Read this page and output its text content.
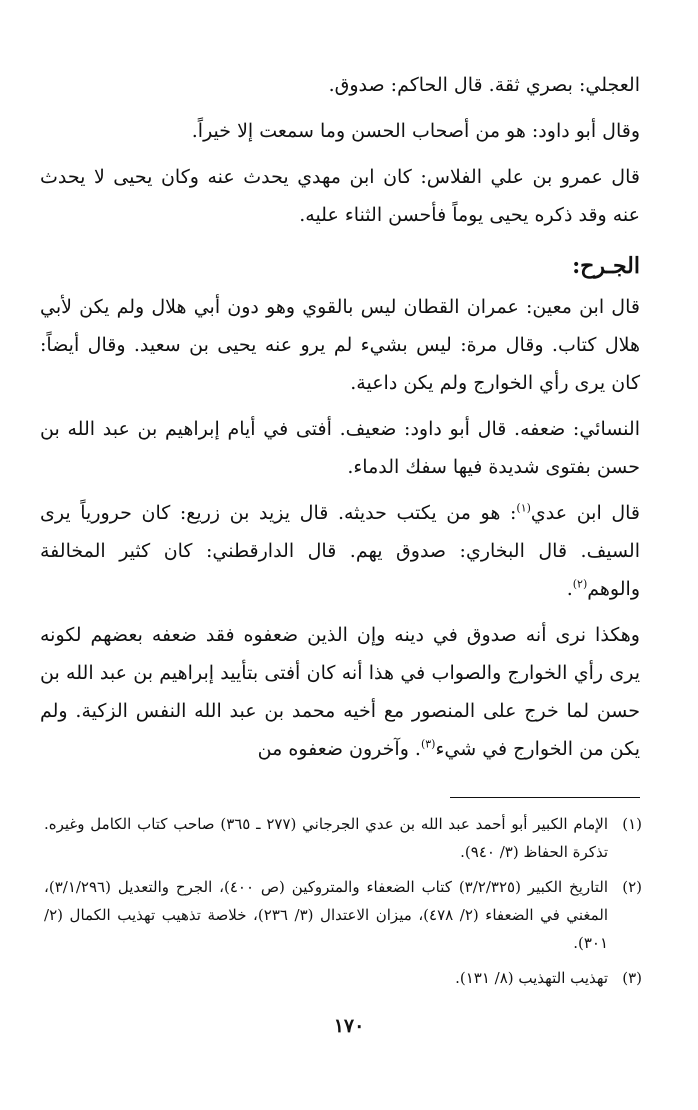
العجلي: بصري ثقة. قال الحاكم: صدوق.

وقال أبو داود: هو من أصحاب الحسن وما سمعت إلا خيراً.

قال عمرو بن علي الفلاس: كان ابن مهدي يحدث عنه وكان يحيى لا يحدث عنه وقد ذكره يحيى يوماً فأحسن الثناء عليه.

الجـرح:

قال ابن معين: عمران القطان ليس بالقوي وهو دون أبي هلال ولم يكن لأبي هلال كتاب. وقال مرة: ليس بشيء لم يرو عنه يحيى بن سعيد. وقال أيضاً: كان يرى رأي الخوارج ولم يكن داعية.

النسائي: ضعفه. قال أبو داود: ضعيف. أفتى في أيام إبراهيم بن عبد الله بن حسن بفتوى شديدة فيها سفك الدماء.

قال ابن عدي$^{(١)}$: هو من يكتب حديثه. قال يزيد بن زريع: كان حرورياً يرى السيف. قال البخاري: صدوق يهم. قال الدارقطني: كان كثير المخالفة والوهم$^{(٢)}$.

وهكذا نرى أنه صدوق في دينه وإن الذين ضعفوه فقد ضعفه بعضهم لكونه يرى رأي الخوارج والصواب في هذا أنه كان أفتى بتأييد إبراهيم بن عبد الله بن حسن لما خرج على المنصور مع أخيه محمد بن عبد الله النفس الزكية. ولم يكن من الخوارج في شيء$^{(٣)}$. وآخرون ضعفوه من

(١)
الإمام الكبير أبو أحمد عبد الله بن عدي الجرجاني (٢٧٧ ـ ٣٦٥) صاحب كتاب الكامل وغيره. تذكرة الحفاظ (٣/ ٩٤٠).
(٢)
التاريخ الكبير (٣/٢/٣٢٥) كتاب الضعفاء والمتروكين (ص ٤٠٠)، الجرح والتعديل (٣/١/٢٩٦)، المغني في الضعفاء (٢/ ٤٧٨)، ميزان الاعتدال (٣/ ٢٣٦)، خلاصة تذهيب تهذيب الكمال (٢/ ٣٠١).
(٣)
تهذيب التهذيب (٨/ ١٣١).
١٧٠
